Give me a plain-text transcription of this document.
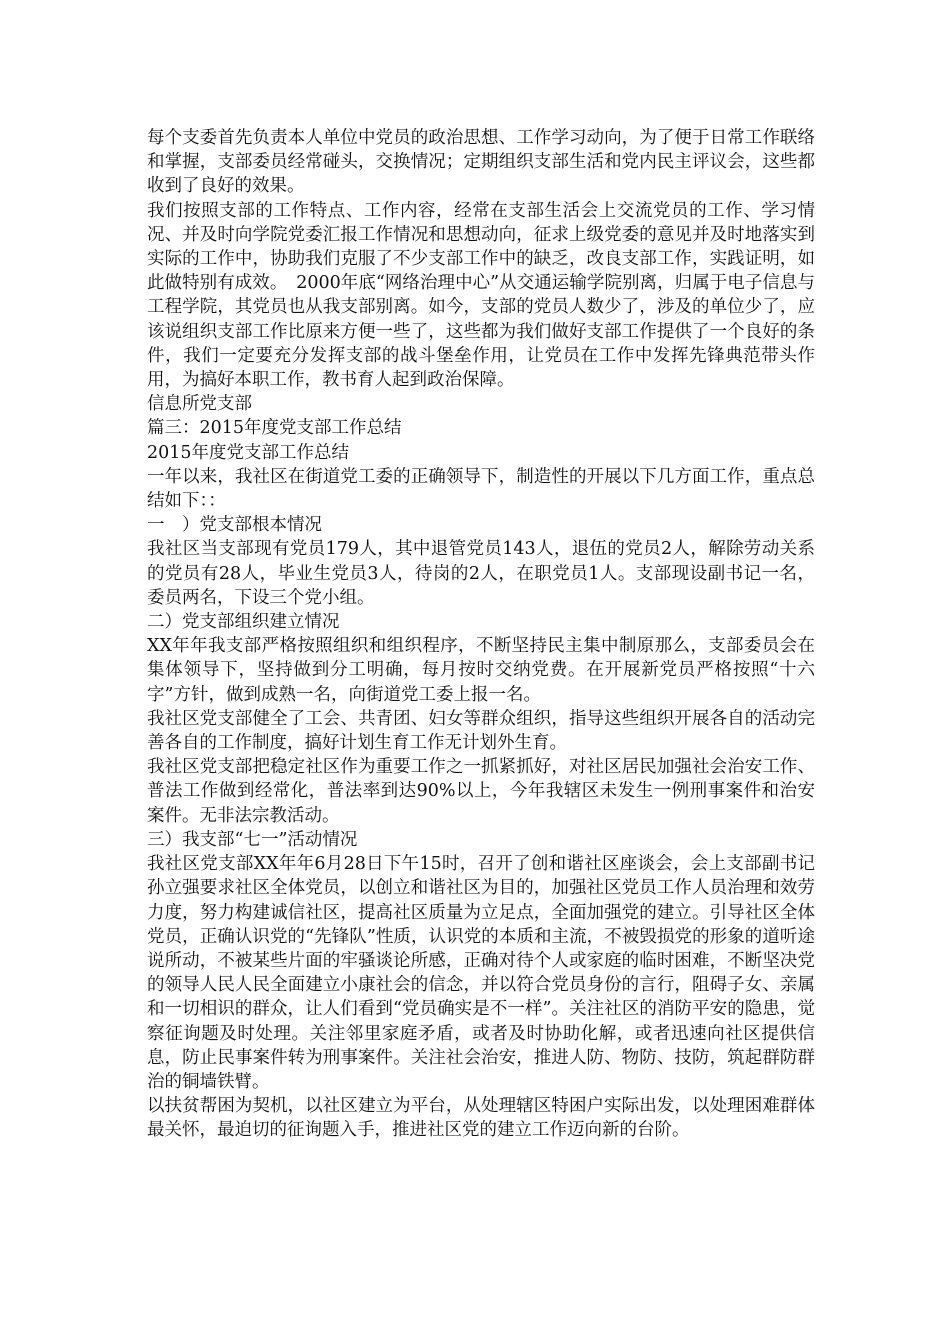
每个支委首先负责本人单位中党员的政治思想、工作学习动向，为了便于日常工作联络和掌握，支部委员经常碰头，交换情况；定期组织支部生活和党内民主评议会，这些都收到了良好的效果。

我们按照支部的工作特点、工作内容，经常在支部生活会上交流党员的工作、学习情况、并及时向学院党委汇报工作情况和思想动向，征求上级党委的意见并及时地落实到实际的工作中，协助我们克服了不少支部工作中的缺乏，改良支部工作，实践证明，如此做特别有成效。　2000年底“网络治理中心”从交通运输学院别离，归属于电子信息与工程学院，其党员也从我支部别离。如今，支部的党员人数少了，涉及的单位少了，应该说组织支部工作比原来方便一些了，这些都为我们做好支部工作提供了一个良好的条件，我们一定要充分发挥支部的战斗堡垒作用，让党员在工作中发挥先锋典范带头作用，为搞好本职工作，教书育人起到政治保障。

信息所党支部

篇三：2015年度党支部工作总结

2015年度党支部工作总结

一年以来，我社区在街道党工委的正确领导下，制造性的开展以下几方面工作，重点总结如下：：

一　）党支部根本情况

我社区当支部现有党员179人，其中退管党员143人，退伍的党员2人，解除劳动关系的党员有28人，毕业生党员3人，待岗的2人，在职党员1人。支部现设副书记一名，委员两名，下设三个党小组。

二）党支部组织建立情况

XX年年我支部严格按照组织和组织程序，不断坚持民主集中制原那么，支部委员会在集体领导下，坚持做到分工明确，每月按时交纳党费。在开展新党员严格按照“十六字”方针，做到成熟一名，向街道党工委上报一名。

我社区党支部健全了工会、共青团、妇女等群众组织，指导这些组织开展各自的活动完善各自的工作制度，搞好计划生育工作无计划外生育。

我社区党支部把稳定社区作为重要工作之一抓紧抓好，对社区居民加强社会治安工作、普法工作做到经常化，普法率到达90%以上，今年我辖区未发生一例刑事案件和治安案件。无非法宗教活动。

三）我支部“七一”活动情况

我社区党支部XX年年6月28日下午15时，召开了创和谐社区座谈会，会上支部副书记孙立强要求社区全体党员，以创立和谐社区为目的，加强社区党员工作人员治理和效劳力度，努力构建诚信社区，提高社区质量为立足点，全面加强党的建立。引导社区全体党员，正确认识党的“先锋队”性质，认识党的本质和主流，不被毁损党的形象的道听途说所动，不被某些片面的牢骚谈论所感，正确对待个人或家庭的临时困难，不断坚决党的领导人民人民全面建立小康社会的信念，并以符合党员身份的言行，阻碍子女、亲属和一切相识的群众，让人们看到“党员确实是不一样”。关注社区的消防平安的隐患，觉察征询题及时处理。关注邻里家庭矛盾，或者及时协助化解，或者迅速向社区提供信息，防止民事案件转为刑事案件。关注社会治安，推进人防、物防、技防，筑起群防群治的铜墙铁臂。

以扶贫帮困为契机，以社区建立为平台，从处理辖区特困户实际出发，以处理困难群体最关怀，最迫切的征询题入手，推进社区党的建立工作迈向新的台阶。
